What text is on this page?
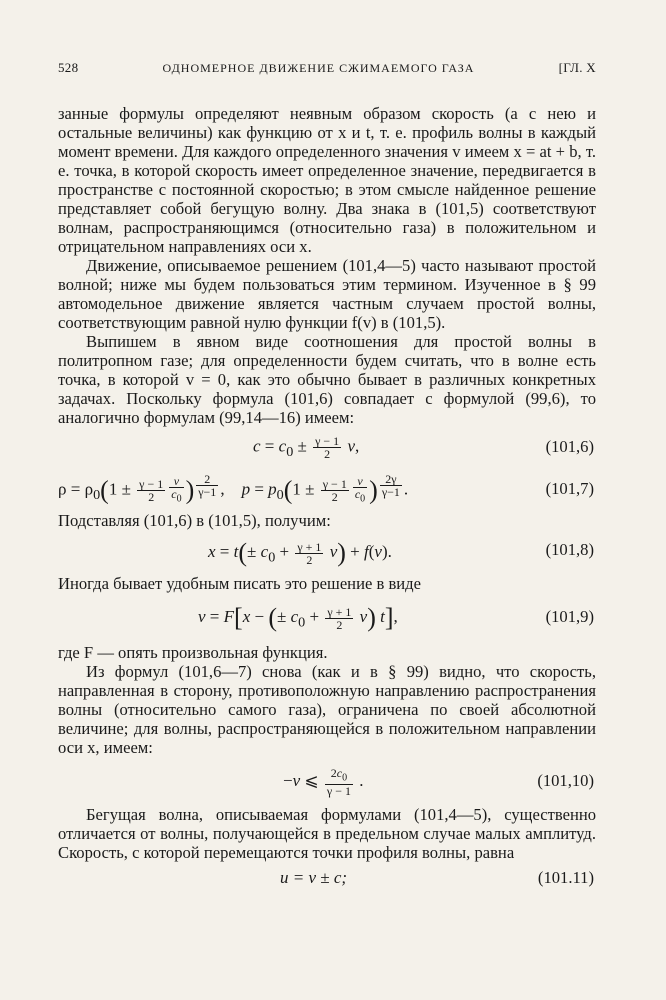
528	ОДНОМЕРНОЕ ДВИЖЕНИЕ СЖИМАЕМОГО ГАЗА	[ГЛ. X

занные формулы определяют неявным образом скорость (а с нею и остальные величины) как функцию от x и t, т. е. профиль волны в каждый момент времени. Для каждого определенного значения v имеем x = at + b, т. е. точка, в которой скорость имеет определенное значение, передвигается в пространстве с постоянной скоростью; в этом смысле найденное решение представляет собой бегущую волну. Два знака в (101,5) соответствуют волнам, распространяющимся (относительно газа) в положительном и отрицательном направлениях оси x.

Движение, описываемое решением (101,4—5) часто называют простой волной; ниже мы будем пользоваться этим термином. Изученное в § 99 автомодельное движение является частным случаем простой волны, соответствующим равной нулю функции f(v) в (101,5).

Выпишем в явном виде соотношения для простой волны в политропном газе; для определенности будем считать, что в волне есть точка, в которой v = 0, как это обычно бывает в различных конкретных задачах. Поскольку формула (101,6) совпадает с формулой (99,6), то аналогично формулам (99,14—16) имеем:

$c = c_0 \pm \frac{\gamma - 1}{2} v$,	(101,6)
$\rho = \rho_0(1 \pm \frac{\gamma - 1}{2} \frac{v}{c_0}$ ) $^{\frac{2}{\gamma-1}}$ ,    $p = p_0(1 \pm \frac{\gamma - 1}{2} \frac{v}{c_0}$ ) $^{\frac{2\gamma}{\gamma-1}}$ .	(101,7)

Подставляя (101,6) в (101,5), получим:

$x = t(\pm c_0 + \frac{\gamma + 1}{2} v) + f(v)$.	(101,8)

Иногда бывает удобным писать это решение в виде

v = F[x − (± $c_0 + \frac{\gamma + 1}{2} v$) t],	(101,9)

где F — опять произвольная функция.

Из формул (101,6—7) снова (как и в § 99) видно, что скорость, направленная в сторону, противоположную направлению распространения волны (относительно самого газа), ограничена по своей абсолютной величине; для волны, распространяющейся в положительном направлении оси x, имеем:

−v ⩽ $\frac{2c_0}{\gamma - 1}$ .	(101,10)

Бегущая волна, описываемая формулами (101,4—5), существенно отличается от волны, получающейся в предельном случае малых амплитуд. Скорость, с которой перемещаются точки профиля волны, равна

u = v ± c;	(101.11)
